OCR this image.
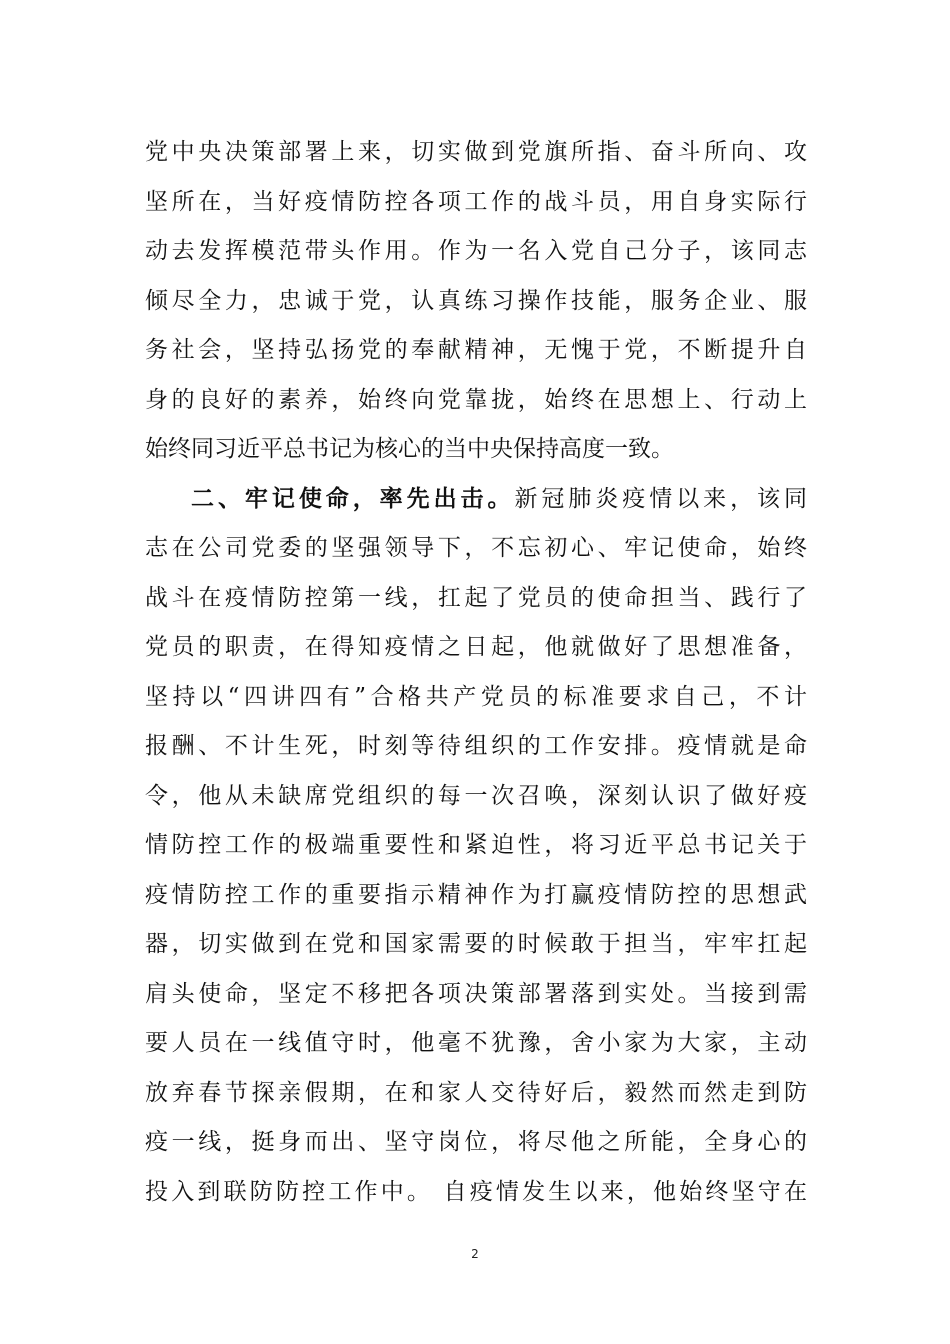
党中央决策部署上来，切实做到党旗所指、奋斗所向、攻
坚所在，当好疫情防控各项工作的战斗员，用自身实际行
动去发挥模范带头作用。作为一名入党自己分子，该同志
倾尽全力，忠诚于党，认真练习操作技能，服务企业、服
务社会，坚持弘扬党的奉献精神，无愧于党，不断提升自
身的良好的素养，始终向党靠拢，始终在思想上、行动上
始终同习近平总书记为核心的当中央保持高度一致。
二、牢记使命，率先出击。新冠肺炎疫情以来，该同
志在公司党委的坚强领导下，不忘初心、牢记使命，始终
战斗在疫情防控第一线，扛起了党员的使命担当、践行了
党员的职责，在得知疫情之日起，他就做好了思想准备，
坚持以“四讲四有”合格共产党员的标准要求自己，不计
报酬、不计生死，时刻等待组织的工作安排。疫情就是命
令，他从未缺席党组织的每一次召唤，深刻认识了做好疫
情防控工作的极端重要性和紧迫性，将习近平总书记关于
疫情防控工作的重要指示精神作为打赢疫情防控的思想武
器，切实做到在党和国家需要的时候敢于担当，牢牢扛起
肩头使命，坚定不移把各项决策部署落到实处。当接到需
要人员在一线值守时，他毫不犹豫，舍小家为大家，主动
放弃春节探亲假期，在和家人交待好后，毅然而然走到防
疫一线，挺身而出、坚守岗位，将尽他之所能，全身心的
投入到联防防控工作中。 自疫情发生以来，他始终坚守在
2
